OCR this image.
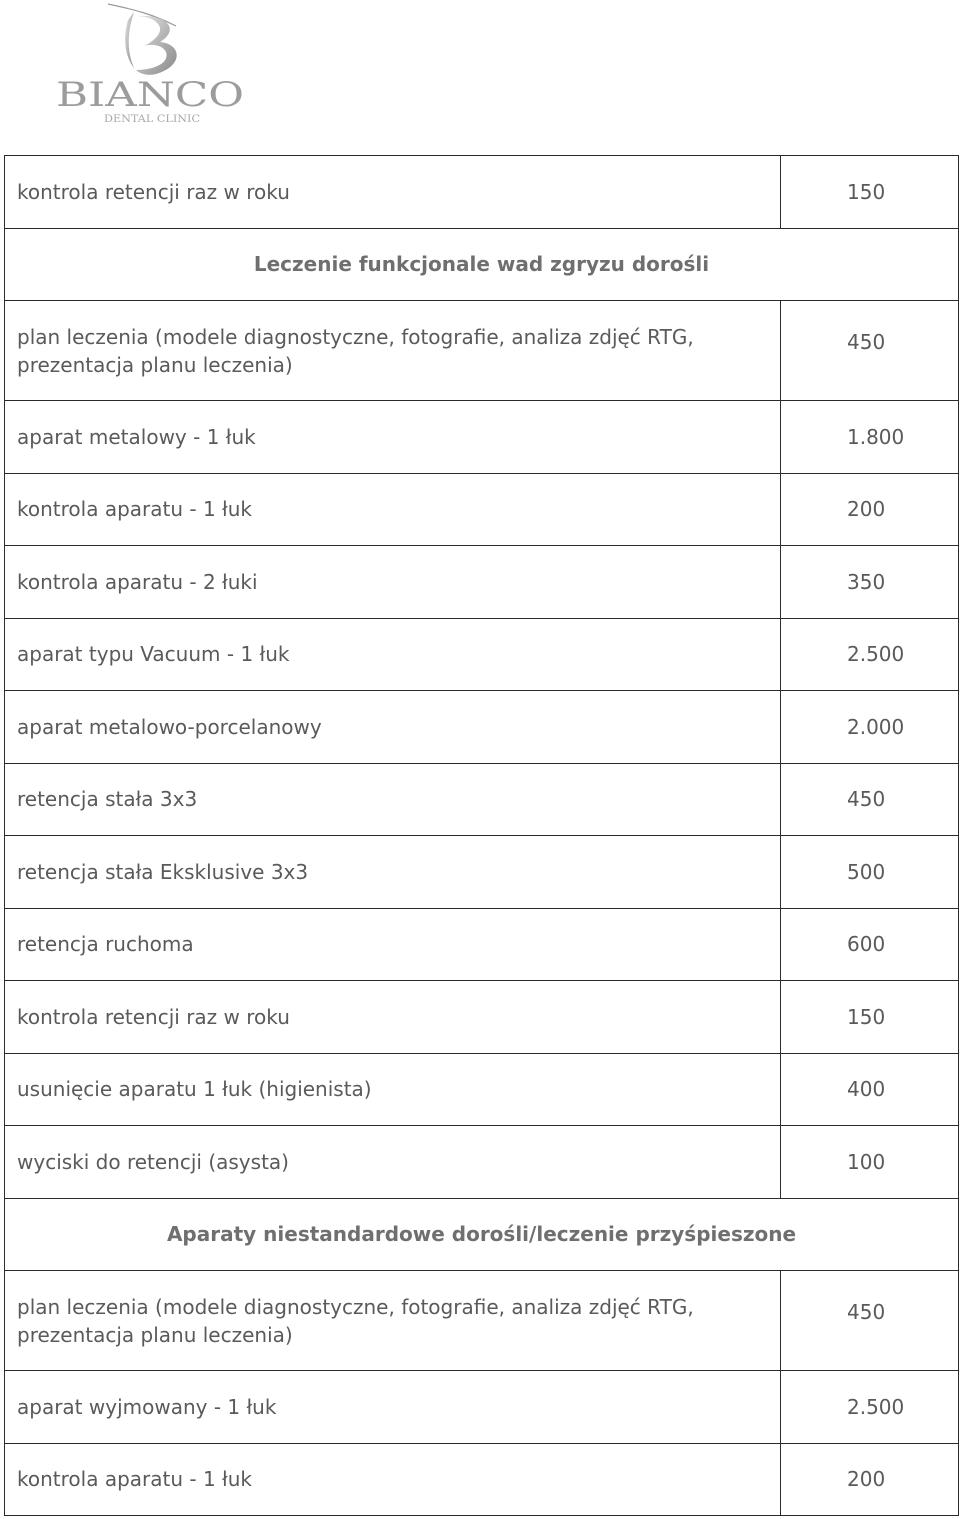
BIANCO
DENTAL CLINIC
kontrola retencji raz w roku	150
Leczenie funkcjonale wad zgryzu dorośli	
plan leczenia (modele diagnostyczne, fotografie, analiza zdjęć RTG, prezentacja planu leczenia)	450
aparat metalowy - 1 łuk	1.800
kontrola aparatu - 1 łuk	200
kontrola aparatu - 2 łuki	350
aparat typu Vacuum - 1 łuk	2.500
aparat metalowo-porcelanowy	2.000
retencja stała 3x3	450
retencja stała Eksklusive 3x3	500
retencja ruchoma	600
kontrola retencji raz w roku	150
usunięcie aparatu 1 łuk (higienista)	400
wyciski do retencji (asysta)	100
Aparaty niestandardowe dorośli/leczenie przyśpieszone	
plan leczenia (modele diagnostyczne, fotografie, analiza zdjęć RTG, prezentacja planu leczenia)	450
aparat wyjmowany - 1 łuk	2.500
kontrola aparatu - 1 łuk	200
